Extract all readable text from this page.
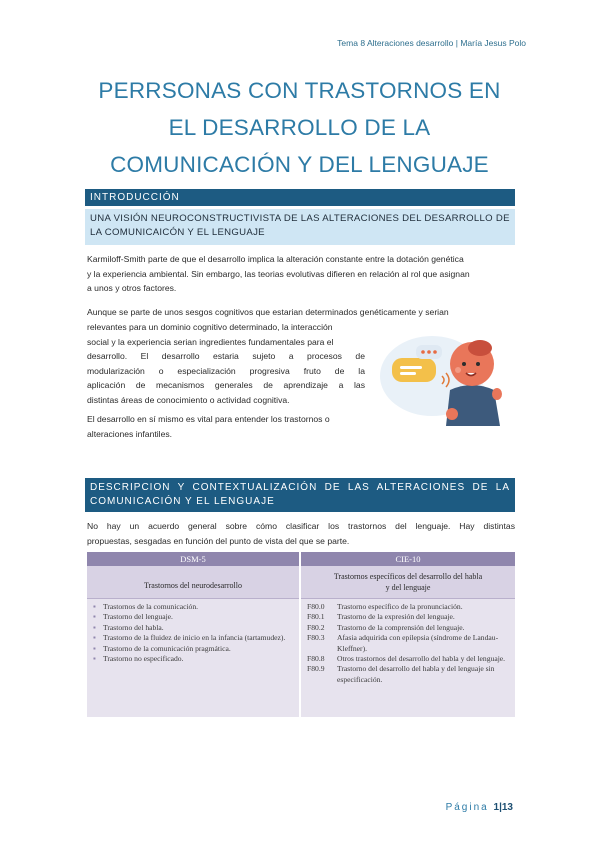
Tema 8 Alteraciones desarrollo | María Jesus Polo
PERRSONAS CON TRASTORNOS EN
EL DESARROLLO DE LA
COMUNICACIÓN Y DEL LENGUAJE
INTRODUCCIÓN
UNA VISIÓN NEUROCONSTRUCTIVISTA DE LAS ALTERACIONES DEL DESARROLLO DE
LA COMUNICAICÓN Y EL LENGUAJE
Karmiloff-Smith parte de que el desarrollo implica la alteración constante entre la dotación genética
y la experiencia ambiental. Sin embargo, las teorias evolutivas difieren en relación al rol que asignan
a unos y otros factores.
Aunque se parte de unos sesgos cognitivos que estarian determinados genéticamente y serian
relevantes para un dominio cognitivo determinado, la interacción
social y la experiencia serian ingredientes fundamentales para el
desarrollo. El desarrollo estaria sujeto a procesos de
modularización o especialización progresiva fruto de la
aplicación de mecanismos generales de aprendizaje a las
distintas áreas de conocimiento o actividad cognitiva.
El desarrollo en sí mismo es vital para entender los trastornos o
alteraciones infantiles.
DESCRIPCION Y CONTEXTUALIZACIÓN DE LAS ALTERACIONES DE LA
COMUNICACIÓN Y EL LENGUAJE
No hay un acuerdo general sobre cómo clasificar los trastornos del lenguaje. Hay distintas
propuestas, sesgadas en función del punto de vista del que se parte.
DSM-5	CIE-10
Trastornos del neurodesarrollo
Trastornos específicos del desarrollo del habla
y del lenguaje
▪ Trastornos de la comunicación.
▪ Trastorno del lenguaje.
▪ Trastorno del habla.
▪ Trastorno de la fluidez de inicio en la infancia (tartamudez).
▪ Trastorno de la comunicación pragmática.
▪ Trastorno no especificado.
F80.0	Trastorno específico de la pronunciación.
F80.1	Trastorno de la expresión del lenguaje.
F80.2	Trastorno de la comprensión del lenguaje.
F80.3	Afasia adquirida con epilepsia (síndrome de Landau-Kleffner).
F80.8	Otros trastornos del desarrollo del habla y del lenguaje.
F80.9	Trastorno del desarrollo del habla y del lenguaje sin especificación.
Página 1|13
